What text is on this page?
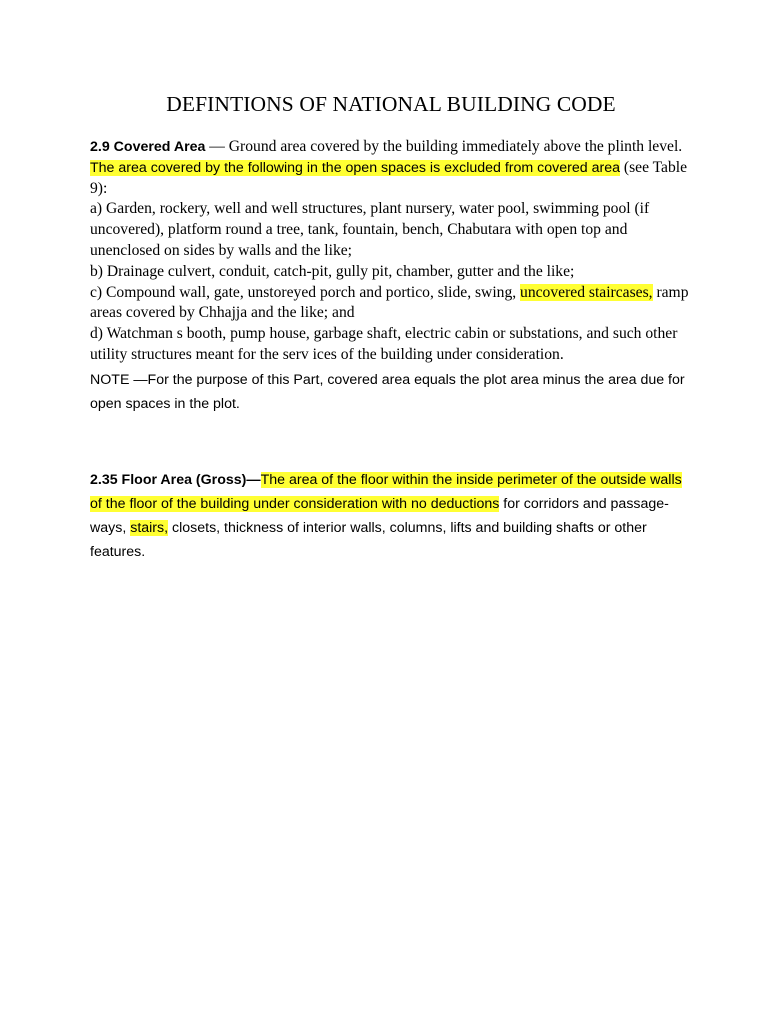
DEFINTIONS OF NATIONAL BUILDING CODE

2.9 Covered Area — Ground area covered by the building immediately above the plinth level. The area covered by the following in the open spaces is excluded from covered area (see Table 9):

a) Garden, rockery, well and well structures, plant nursery, water pool, swimming pool (if uncovered), platform round a tree, tank, fountain, bench, Chabutara with open top and unenclosed on sides by walls and the like;

b) Drainage culvert, conduit, catch-pit, gully pit, chamber, gutter and the like;

c) Compound wall, gate, unstoreyed porch and portico, slide, swing, uncovered staircases, ramp areas covered by Chhajja and the like; and

d) Watchman s booth, pump house, garbage shaft, electric cabin or substations, and such other utility structures meant for the serv ices of the building under consideration.

NOTE —For the purpose of this Part, covered area equals the plot area minus the area due for open spaces in the plot.

2.35 Floor Area (Gross)—The area of the floor within the inside perimeter of the outside walls of the floor of the building under consideration with no deductions for corridors and passage-ways, stairs, closets, thickness of interior walls, columns, lifts and building shafts or other features.
